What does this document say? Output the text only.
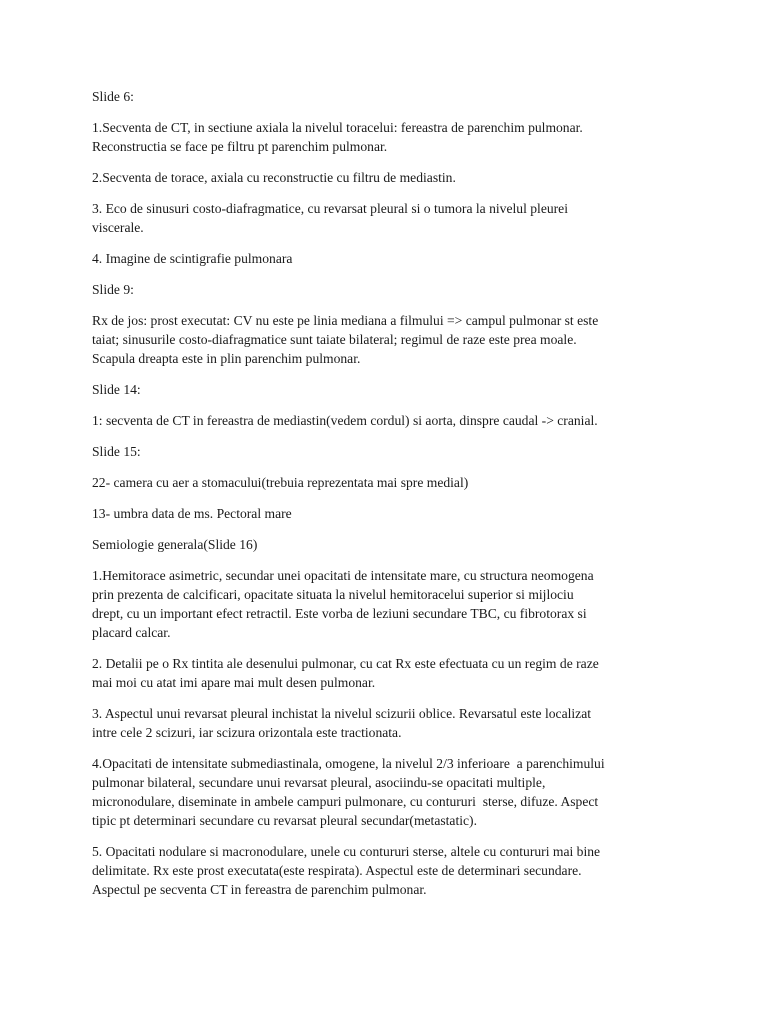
Slide 6:

1.Secventa de CT, in sectiune axiala la nivelul toracelui: fereastra de parenchim pulmonar.
Reconstructia se face pe filtru pt parenchim pulmonar.

2.Secventa de torace, axiala cu reconstructie cu filtru de mediastin.

3. Eco de sinusuri costo-diafragmatice, cu revarsat pleural si o tumora la nivelul pleurei
viscerale.

4. Imagine de scintigrafie pulmonara

Slide 9:

Rx de jos: prost executat: CV nu este pe linia mediana a filmului => campul pulmonar st este
taiat; sinusurile costo-diafragmatice sunt taiate bilateral; regimul de raze este prea moale.
Scapula dreapta este in plin parenchim pulmonar.

Slide 14:

1: secventa de CT in fereastra de mediastin(vedem cordul) si aorta, dinspre caudal -> cranial.

Slide 15:

22- camera cu aer a stomacului(trebuia reprezentata mai spre medial)

13- umbra data de ms. Pectoral mare

Semiologie generala(Slide 16)

1.Hemitorace asimetric, secundar unei opacitati de intensitate mare, cu structura neomogena
prin prezenta de calcificari, opacitate situata la nivelul hemitoracelui superior si mijlociu
drept, cu un important efect retractil. Este vorba de leziuni secundare TBC, cu fibrotorax si
placard calcar.

2. Detalii pe o Rx tintita ale desenului pulmonar, cu cat Rx este efectuata cu un regim de raze
mai moi cu atat imi apare mai mult desen pulmonar.

3. Aspectul unui revarsat pleural inchistat la nivelul scizurii oblice. Revarsatul este localizat
intre cele 2 scizuri, iar scizura orizontala este tractionata.

4.Opacitati de intensitate submediastinala, omogene, la nivelul 2/3 inferioare  a parenchimului
pulmonar bilateral, secundare unui revarsat pleural, asociindu-se opacitati multiple,
micronodulare, diseminate in ambele campuri pulmonare, cu contururi  sterse, difuze. Aspect
tipic pt determinari secundare cu revarsat pleural secundar(metastatic).

5. Opacitati nodulare si macronodulare, unele cu contururi sterse, altele cu contururi mai bine
delimitate. Rx este prost executata(este respirata). Aspectul este de determinari secundare.
Aspectul pe secventa CT in fereastra de parenchim pulmonar.
